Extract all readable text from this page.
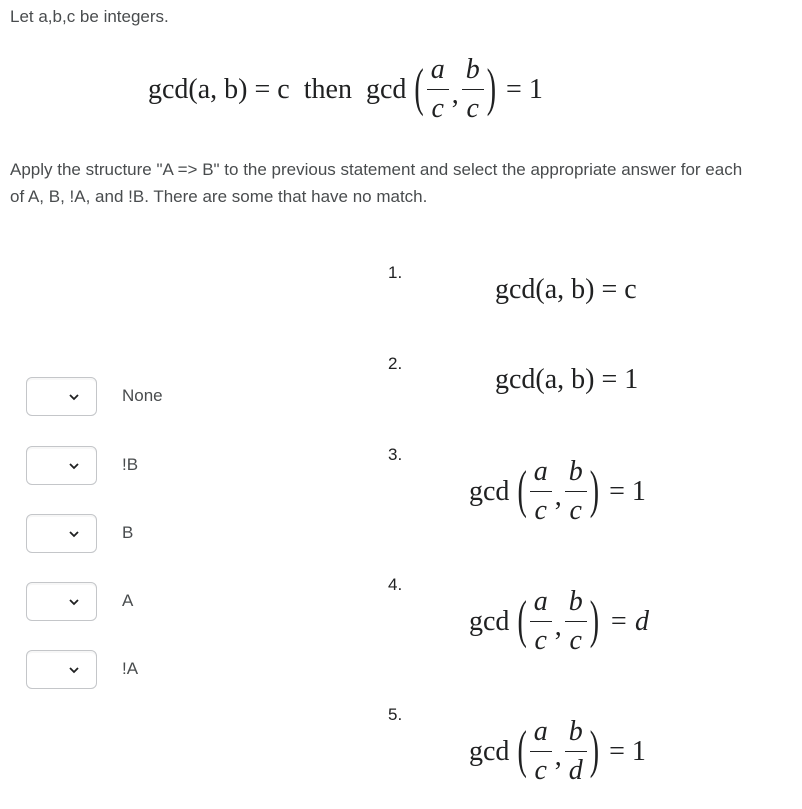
Let a,b,c be integers.
gcd(a, b) = c then gcd ( $\frac{a}{c}$ , $\frac{b}{c}$ ) = 1
Apply the structure "A => B" to the previous statement and select the appropriate answer for each of A, B, !A, and !B. There are some that have no match.
1.
gcd(a, b) = c
2.
gcd(a, b) = 1
3.
gcd ( $\frac{a}{c}$ , $\frac{b}{c}$ ) = 1
4.
gcd ( $\frac{a}{c}$ , $\frac{b}{c}$ ) = d
5.
gcd ( $\frac{a}{c}$ , $\frac{b}{d}$ ) = 1
None
!B
B
A
!A
